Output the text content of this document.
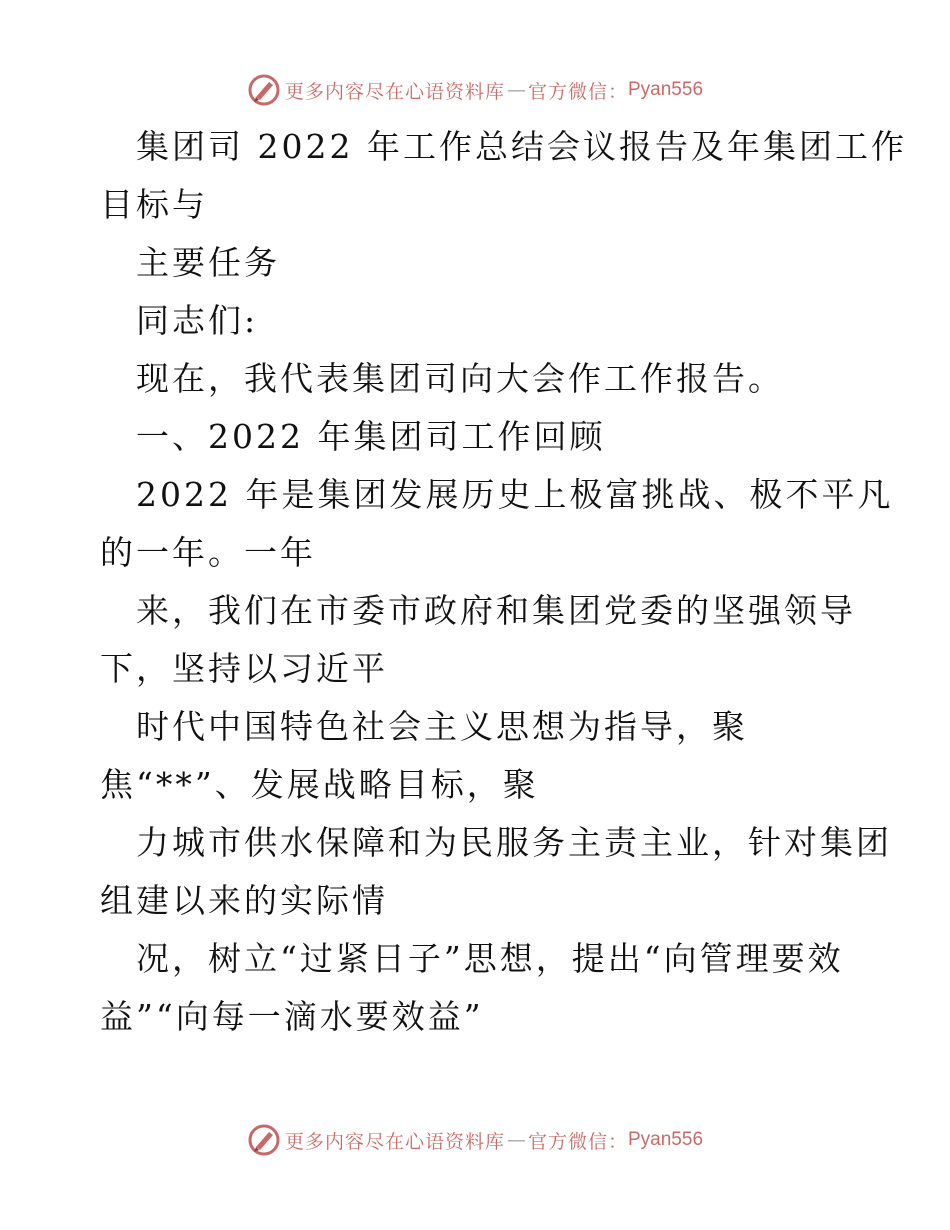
更多内容尽在心语资料库 — 官方微信： Pyan556
集团司 2022 年工作总结会议报告及年集团工作
目标与
主要任务
同志们:
现在，我代表集团司向大会作工作报告。
一、2022 年集团司工作回顾
2022 年是集团发展历史上极富挑战、极不平凡
的一年。一年
来，我们在市委市政府和集团党委的坚强领导
下，坚持以习近平
时代中国特色社会主义思想为指导，聚
焦“**”、发展战略目标，聚
力城市供水保障和为民服务主责主业，针对集团
组建以来的实际情
况，树立“过紧日子”思想，提出“向管理要效
益”“向每一滴水要效益”
更多内容尽在心语资料库 — 官方微信： Pyan556
